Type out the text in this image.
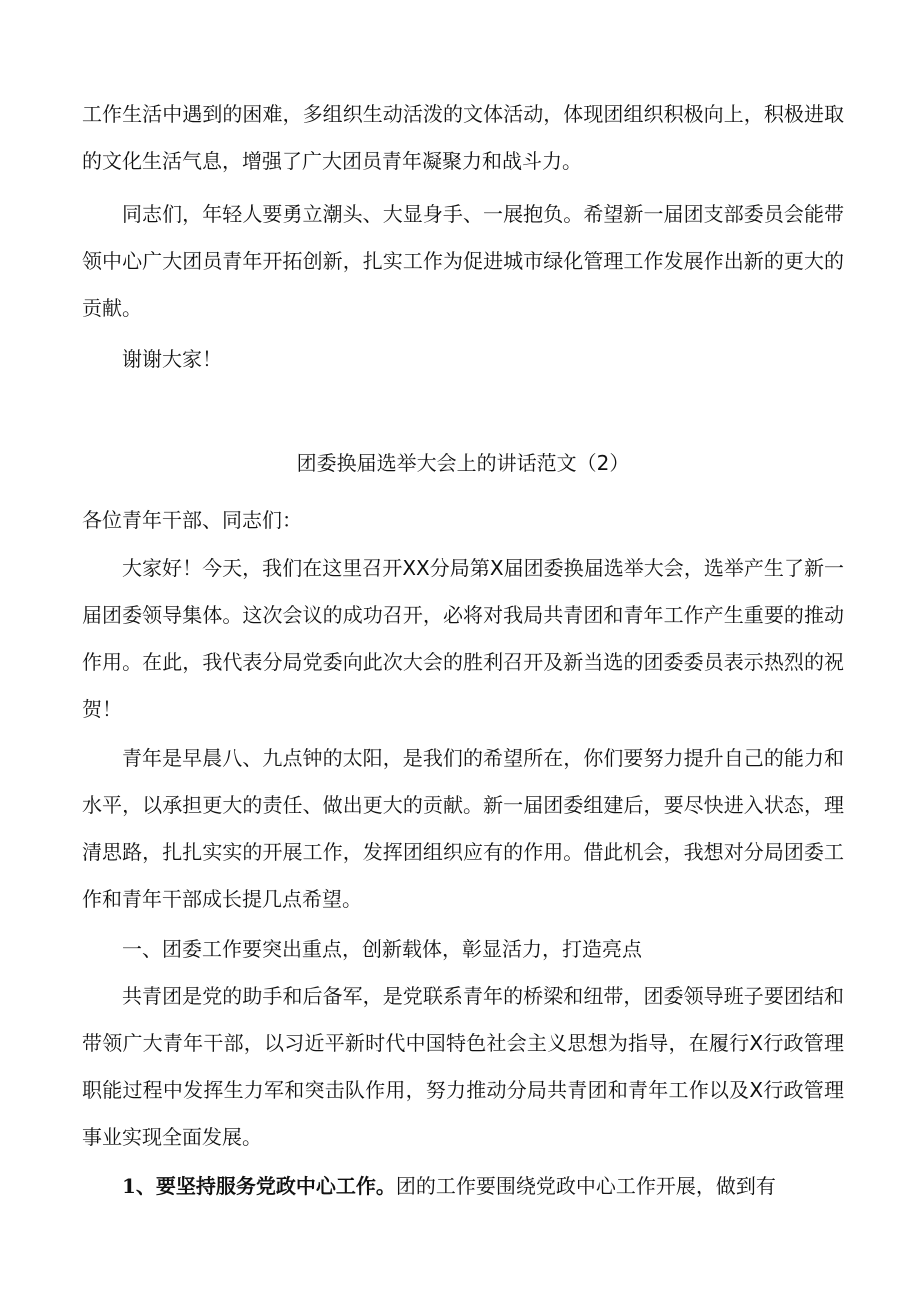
工作生活中遇到的困难，多组织生动活泼的文体活动，体现团组织积极向上，积极进取的文化生活气息，增强了广大团员青年凝聚力和战斗力。

同志们，年轻人要勇立潮头、大显身手、一展抱负。希望新一届团支部委员会能带领中心广大团员青年开拓创新，扎实工作为促进城市绿化管理工作发展作出新的更大的贡献。

谢谢大家！

团委换届选举大会上的讲话范文（2）

各位青年干部、同志们：

大家好！今天，我们在这里召开XX分局第X届团委换届选举大会，选举产生了新一届团委领导集体。这次会议的成功召开，必将对我局共青团和青年工作产生重要的推动作用。在此，我代表分局党委向此次大会的胜利召开及新当选的团委委员表示热烈的祝贺！

青年是早晨八、九点钟的太阳，是我们的希望所在，你们要努力提升自己的能力和水平，以承担更大的责任、做出更大的贡献。新一届团委组建后，要尽快进入状态，理清思路，扎扎实实的开展工作，发挥团组织应有的作用。借此机会，我想对分局团委工作和青年干部成长提几点希望。

一、团委工作要突出重点，创新载体，彰显活力，打造亮点

共青团是党的助手和后备军，是党联系青年的桥梁和纽带，团委领导班子要团结和带领广大青年干部，以习近平新时代中国特色社会主义思想为指导，在履行X行政管理职能过程中发挥生力军和突击队作用，努力推动分局共青团和青年工作以及X行政管理事业实现全面发展。

1、要坚持服务党政中心工作。团的工作要围绕党政中心工作开展，做到有
